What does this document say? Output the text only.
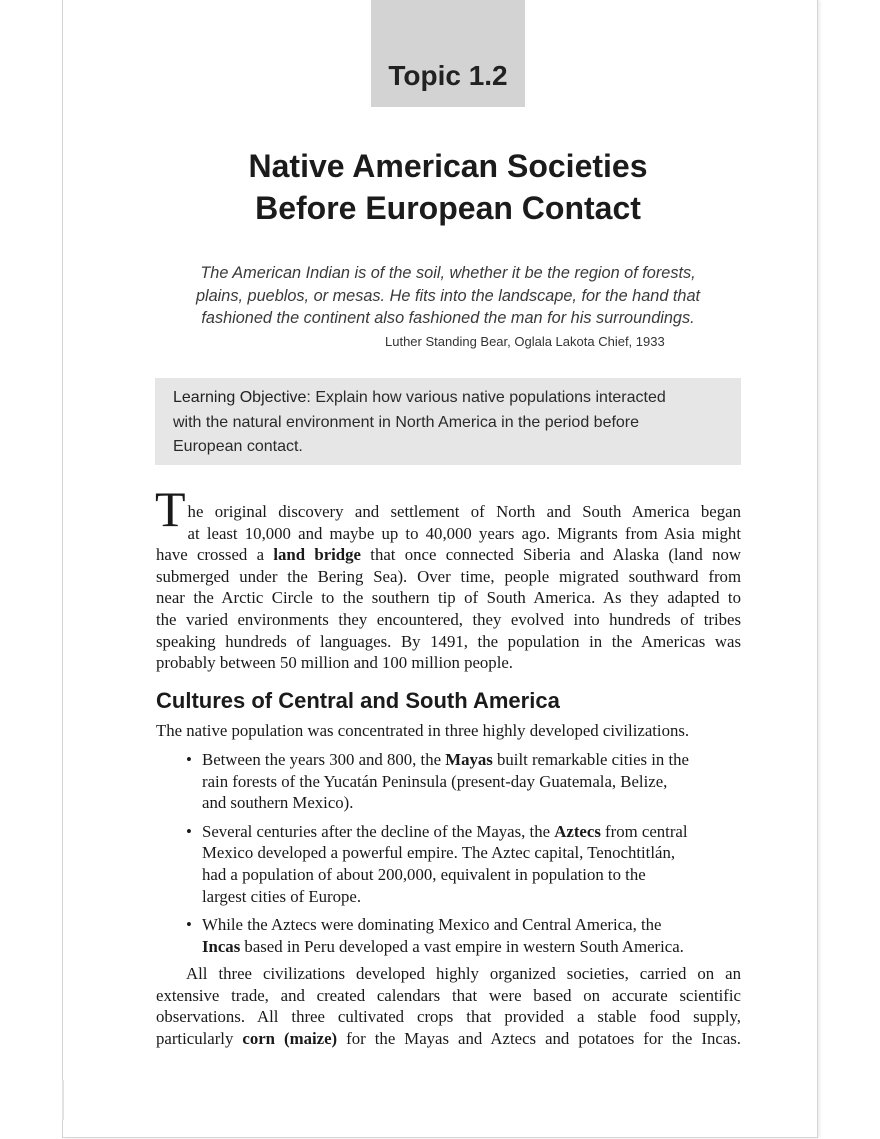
Topic 1.2
Native American Societies
Before European Contact
The American Indian is of the soil, whether it be the region of forests,
plains, pueblos, or mesas. He fits into the landscape, for the hand that
fashioned the continent also fashioned the man for his surroundings.
Luther Standing Bear, Oglala Lakota Chief, 1933
Learning Objective: Explain how various native populations interacted
with the natural environment in North America in the period before
European contact.
T he original discovery and settlement of North and South America began
at least 10,000 and maybe up to 40,000 years ago. Migrants from Asia might
have crossed a land bridge that once connected Siberia and Alaska (land now
submerged under the Bering Sea). Over time, people migrated southward from
near the Arctic Circle to the southern tip of South America. As they adapted to
the varied environments they encountered, they evolved into hundreds of tribes
speaking hundreds of languages. By 1491, the population in the Americas was
probably between 50 million and 100 million people.
Cultures of Central and South America
The native population was concentrated in three highly developed civilizations.
• Between the years 300 and 800, the Mayas built remarkable cities in the
rain forests of the Yucatán Peninsula (present-day Guatemala, Belize,
and southern Mexico).
• Several centuries after the decline of the Mayas, the Aztecs from central
Mexico developed a powerful empire. The Aztec capital, Tenochtitlán,
had a population of about 200,000, equivalent in population to the
largest cities of Europe.
• While the Aztecs were dominating Mexico and Central America, the
Incas based in Peru developed a vast empire in western South America.
All three civilizations developed highly organized societies, carried on an
extensive trade, and created calendars that were based on accurate scientific
observations. All three cultivated crops that provided a stable food supply,
particularly corn (maize) for the Mayas and Aztecs and potatoes for the Incas.
